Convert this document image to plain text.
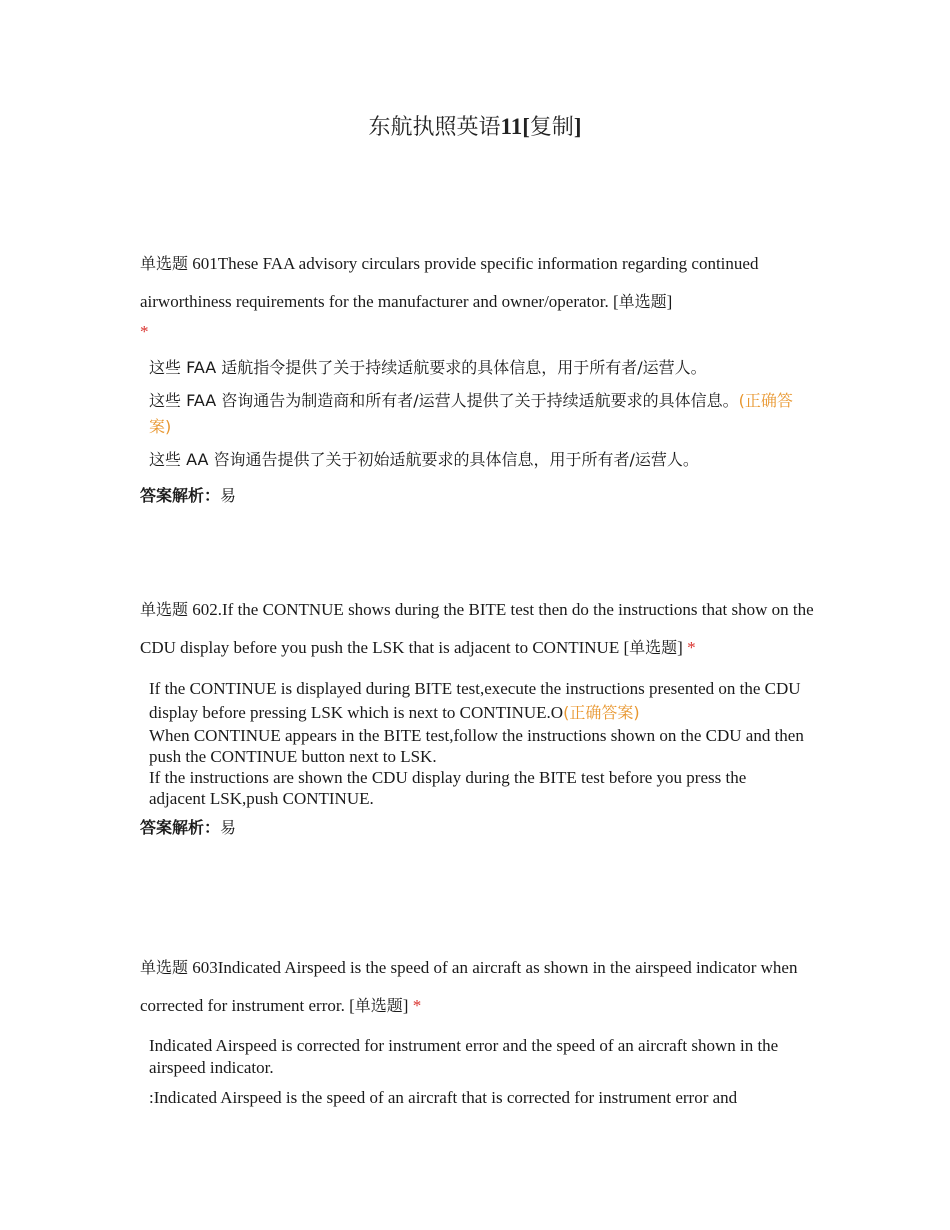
东航执照英语11[复制]
单选题 601These FAA advisory circulars provide specific information regarding continued airworthiness requirements for the manufacturer and owner/operator. [单选题]
*
这些 FAA 适航指令提供了关于持续适航要求的具体信息，用于所有者/运营人。
这些 FAA 咨询通告为制造商和所有者/运营人提供了关于持续适航要求的具体信息。(正确答案)
这些 AA 咨询通告提供了关于初始适航要求的具体信息，用于所有者/运营人。
答案解析：易
单选题 602.If the CONTNUE shows during the BITE test then do the instructions that show on the CDU display before you push the LSK that is adjacent to CONTINUE [单选题] *
If the CONTINUE is displayed during BITE test,execute the instructions presented on the CDU display before pressing LSK which is next to CONTINUE.O(正确答案)
When CONTINUE appears in the BITE test,follow the instructions shown on the CDU and then push the CONTINUE button next to LSK.
If the instructions are shown the CDU display during the BITE test before you press the adjacent LSK,push CONTINUE.
答案解析：易
单选题 603Indicated Airspeed is the speed of an aircraft as shown in the airspeed indicator when corrected for instrument error. [单选题] *
Indicated Airspeed is corrected for instrument error and the speed of an aircraft shown in the airspeed indicator.
:Indicated Airspeed is the speed of an aircraft that is corrected for instrument error and
